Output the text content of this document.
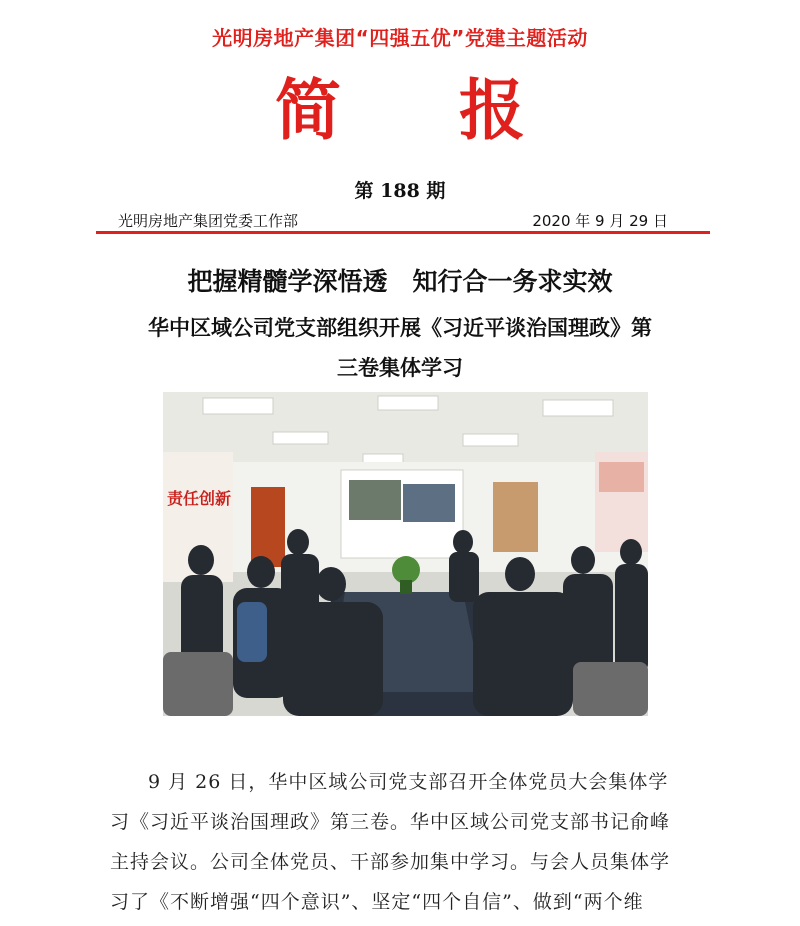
光明房地产集团“四强五优”党建主题活动
简报
第 188 期
光明房地产集团党委工作部	2020 年 9 月 29 日
把握精髓学深悟透　知行合一务求实效
华中区域公司党支部组织开展《习近平谈治国理政》第
三卷集体学习
责任创新
9 月 26 日，华中区域公司党支部召开全体党员大会集体学
习《习近平谈治国理政》第三卷。华中区域公司党支部书记俞峰
主持会议。公司全体党员、干部参加集中学习。与会人员集体学
习了《不断增强“四个意识”、坚定“四个自信”、做到“两个维
